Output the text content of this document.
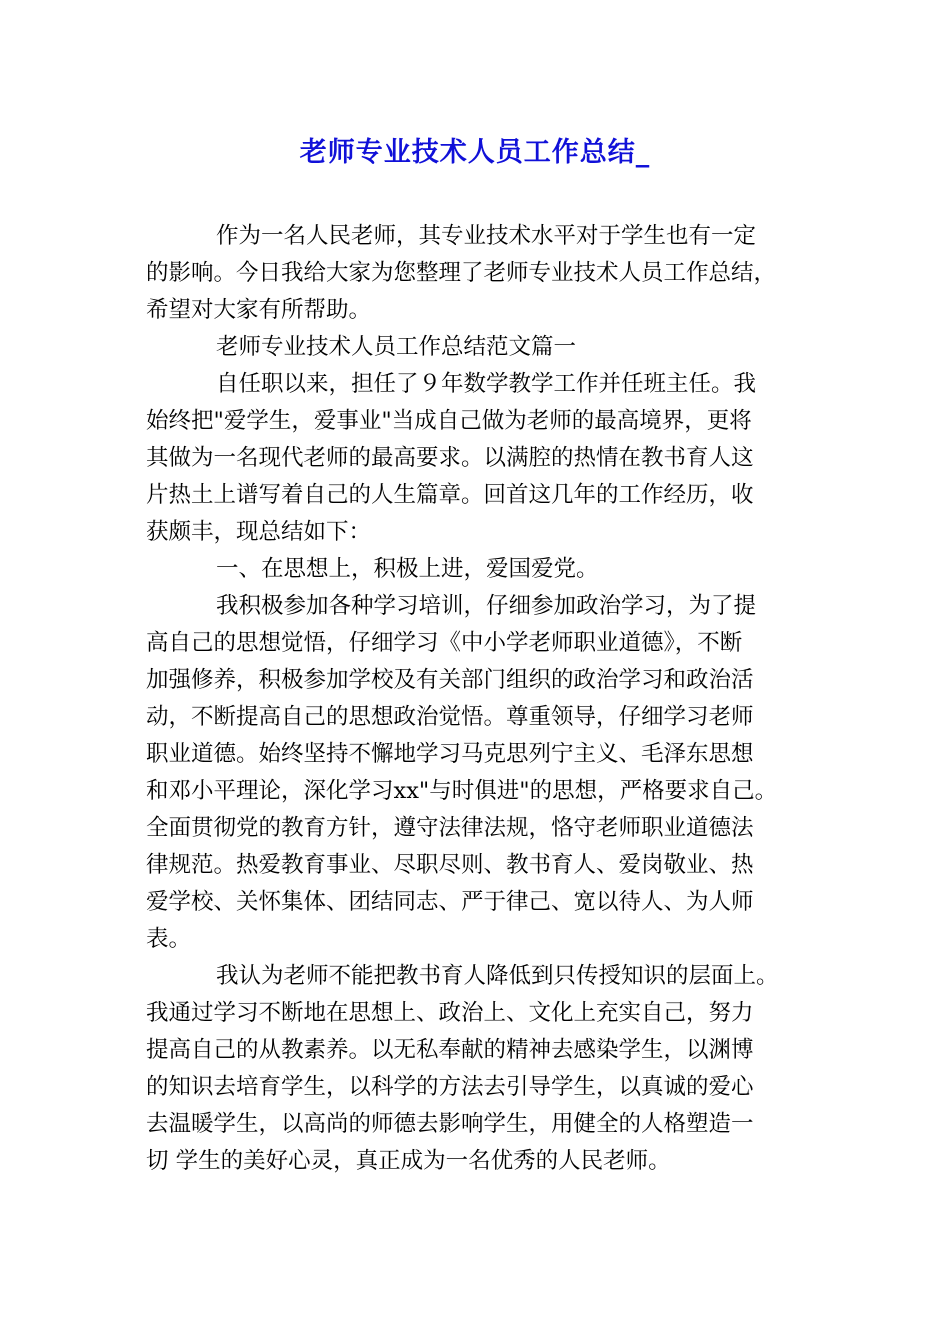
老师专业技术人员工作总结_
作为一名人民老师，其专业技术水平对于学生也有一定
的影响。今日我给大家为您整理了老师专业技术人员工作总结，
希望对大家有所帮助。
老师专业技术人员工作总结范文篇一
自任职以来，担任了９年数学教学工作并任班主任。我
始终把"爱学生，爱事业"当成自己做为老师的最高境界，更将
其做为一名现代老师的最高要求。以满腔的热情在教书育人这
片热土上谱写着自己的人生篇章。回首这几年的工作经历，收
获颇丰，现总结如下：
一、在思想上，积极上进，爱国爱党。
我积极参加各种学习培训，仔细参加政治学习，为了提
高自己的思想觉悟，仔细学习《中小学老师职业道德》，不断
加强修养，积极参加学校及有关部门组织的政治学习和政治活
动，不断提高自己的思想政治觉悟。尊重领导，仔细学习老师
职业道德。始终坚持不懈地学习马克思列宁主义、毛泽东思想
和邓小平理论，深化学习xx"与时俱进"的思想，严格要求自己。
全面贯彻党的教育方针，遵守法律法规，恪守老师职业道德法
律规范。热爱教育事业、尽职尽则、教书育人、爱岗敬业、热
爱学校、关怀集体、团结同志、严于律己、宽以待人、为人师
表。
我认为老师不能把教书育人降低到只传授知识的层面上。
我通过学习不断地在思想上、政治上、文化上充实自己，努力
提高自己的从教素养。以无私奉献的精神去感染学生，以渊博
的知识去培育学生，以科学的方法去引导学生，以真诚的爱心
去温暖学生，以高尚的师德去影响学生，用健全的人格塑造一
切 学生的美好心灵，真正成为一名优秀的人民老师。
